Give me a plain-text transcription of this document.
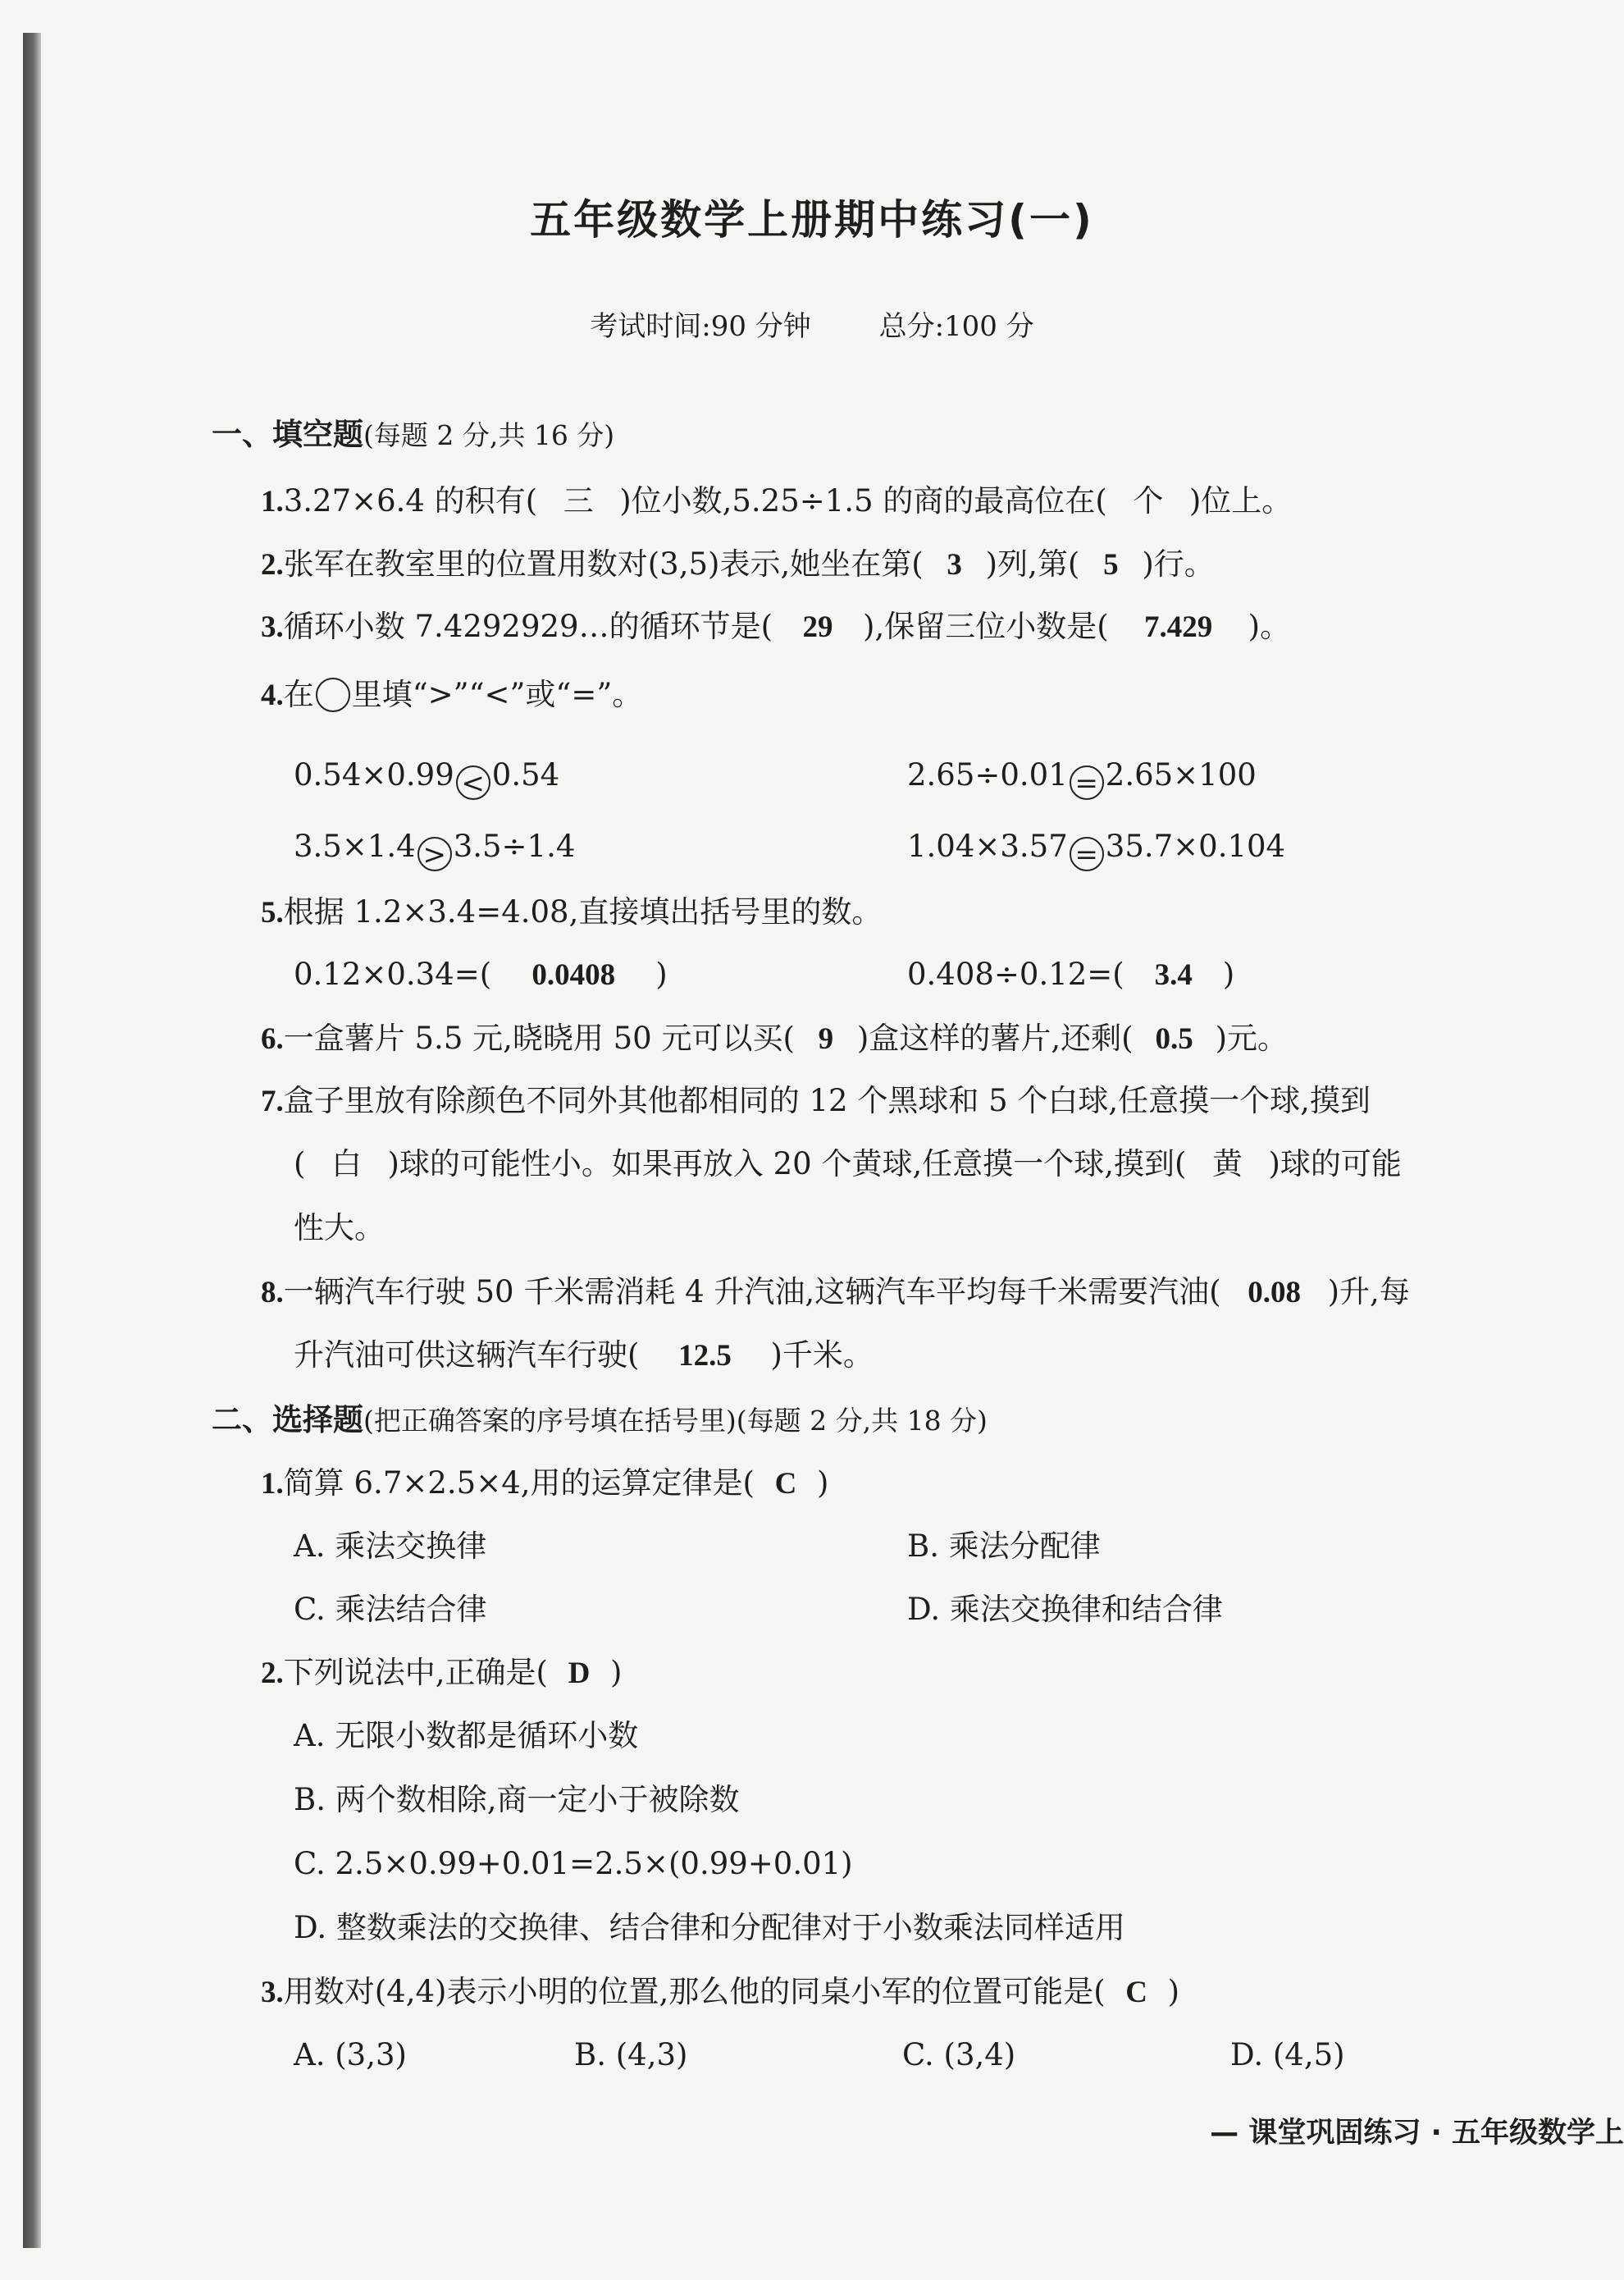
五年级数学上册期中练习(一)
考试时间:90 分钟 总分:100 分
一、填空题(每题 2 分,共 16 分)
1.3.27×6.4 的积有( 三 )位小数,5.25÷1.5 的商的最高位在( 个 )位上。
2.张军在教室里的位置用数对(3,5)表示,她坐在第( 3 )列,第( 5 )行。
3.循环小数 7.4292929…的循环节是( 29 ),保留三位小数是( 7.429 )。
4.在 里填“>”“<”或“=”。
0.54×0.99 < 0.54	2.65÷0.01 = 2.65×100
3.5×1.4 > 3.5÷1.4	1.04×3.57 = 35.7×0.104
5.根据 1.2×3.4=4.08,直接填出括号里的数。
0.12×0.34=( 0.0408 )	0.408÷0.12=( 3.4 )
6.一盒薯片 5.5 元,晓晓用 50 元可以买( 9 )盒这样的薯片,还剩( 0.5 )元。
7.盒子里放有除颜色不同外其他都相同的 12 个黑球和 5 个白球,任意摸一个球,摸到
( 白 )球的可能性小。如果再放入 20 个黄球,任意摸一个球,摸到( 黄 )球的可能
性大。
8.一辆汽车行驶 50 千米需消耗 4 升汽油,这辆汽车平均每千米需要汽油( 0.08 )升,每
升汽油可供这辆汽车行驶( 12.5 )千米。
二、选择题(把正确答案的序号填在括号里)(每题 2 分,共 18 分)
1.简算 6.7×2.5×4,用的运算定律是( C )
A. 乘法交换律	B. 乘法分配律
C. 乘法结合律	D. 乘法交换律和结合律
2.下列说法中,正确是( D )
A. 无限小数都是循环小数
B. 两个数相除,商一定小于被除数
C. 2.5×0.99+0.01=2.5×(0.99+0.01)
D. 整数乘法的交换律、结合律和分配律对于小数乘法同样适用
3.用数对(4,4)表示小明的位置,那么他的同桌小军的位置可能是( C )
A. (3,3)	B. (4,3)	C. (3,4)	D. (4,5)
— 课堂巩固练习 · 五年级数学上
